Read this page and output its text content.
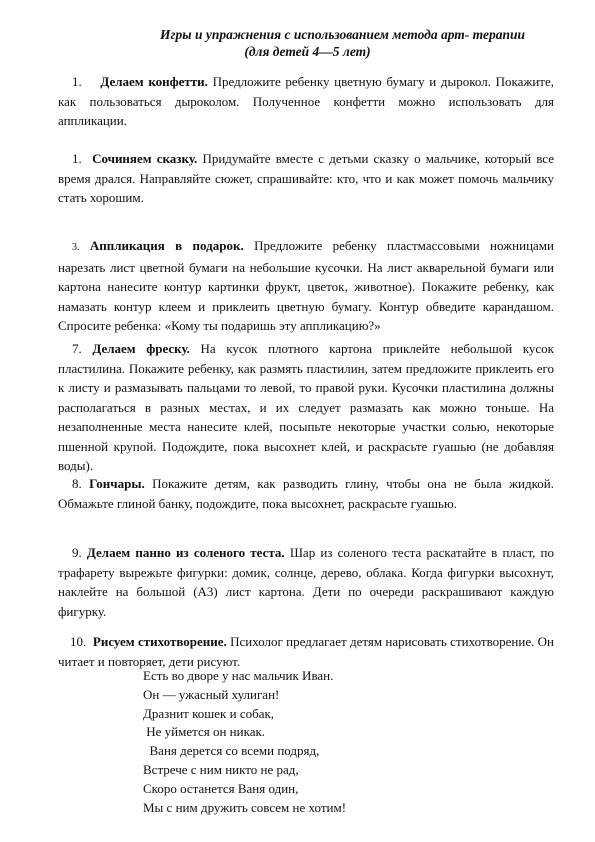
Игры и упражнения с использованием метода арт- терапии
(для детей 4—5 лет)
1. Делаем конфетти. Предложите ребенку цветную бумагу и дырокол. Покажите, как пользоваться дыроколом. Полученное конфетти можно использовать для аппликации.
1. Сочиняем сказку. Придумайте вместе с детьми сказку о мальчике, который все время дрался. Направляйте сюжет, спрашивайте: кто, что и как может помочь мальчику стать хорошим.
3. Аппликация в подарок. Предложите ребенку пластмассовыми ножницами нарезать лист цветной бумаги на небольшие кусочки. На лист акварельной бумаги или картона нанесите контур картинки фрукт, цветок, животное). Покажите ребенку, как намазать контур клеем и приклеить цветную бумагу. Контур обведите карандашом. Спросите ребенка: «Кому ты подаришь эту аппликацию?»
7. Делаем фреску. На кусок плотного картона приклейте небольшой кусок пластилина. Покажите ребенку, как размять пластилин, затем предложите приклеить его к листу и размазывать пальцами то левой, то правой руки. Кусочки пластилина должны располагаться в разных местах, и их следует размазать как можно тоньше. На незаполненные места нанесите клей, посыпьте некоторые участки солью, некоторые пшенной крупой. Подождите, пока высохнет клей, и раскрасьте гуашью (не добавляя воды).
8. Гончары. Покажите детям, как разводить глину, чтобы она не была жидкой. Обмажьте глиной банку, подождите, пока высохнет, раскрасьте гуашью.
9. Делаем панно из соленого теста. Шар из соленого теста раскатайте в пласт, по трафарету вырежьте фигурки: домик, солнце, дерево, облака. Когда фигурки высохнут, наклейте на большой (А3) лист картона. Дети по очереди раскрашивают каждую фигурку.
10. Рисуем стихотворение. Психолог предлагает детям нарисовать стихотворение. Он читает и повторяет, дети рисуют.
Есть во дворе у нас мальчик Иван.
Он — ужасный хулиган!
Дразнит кошек и собак,
Не уймется он никак.
Ваня дерется со всеми подряд,
Встрече с ним никто не рад,
Скоро останется Ваня один,
Мы с ним дружить совсем не хотим!
